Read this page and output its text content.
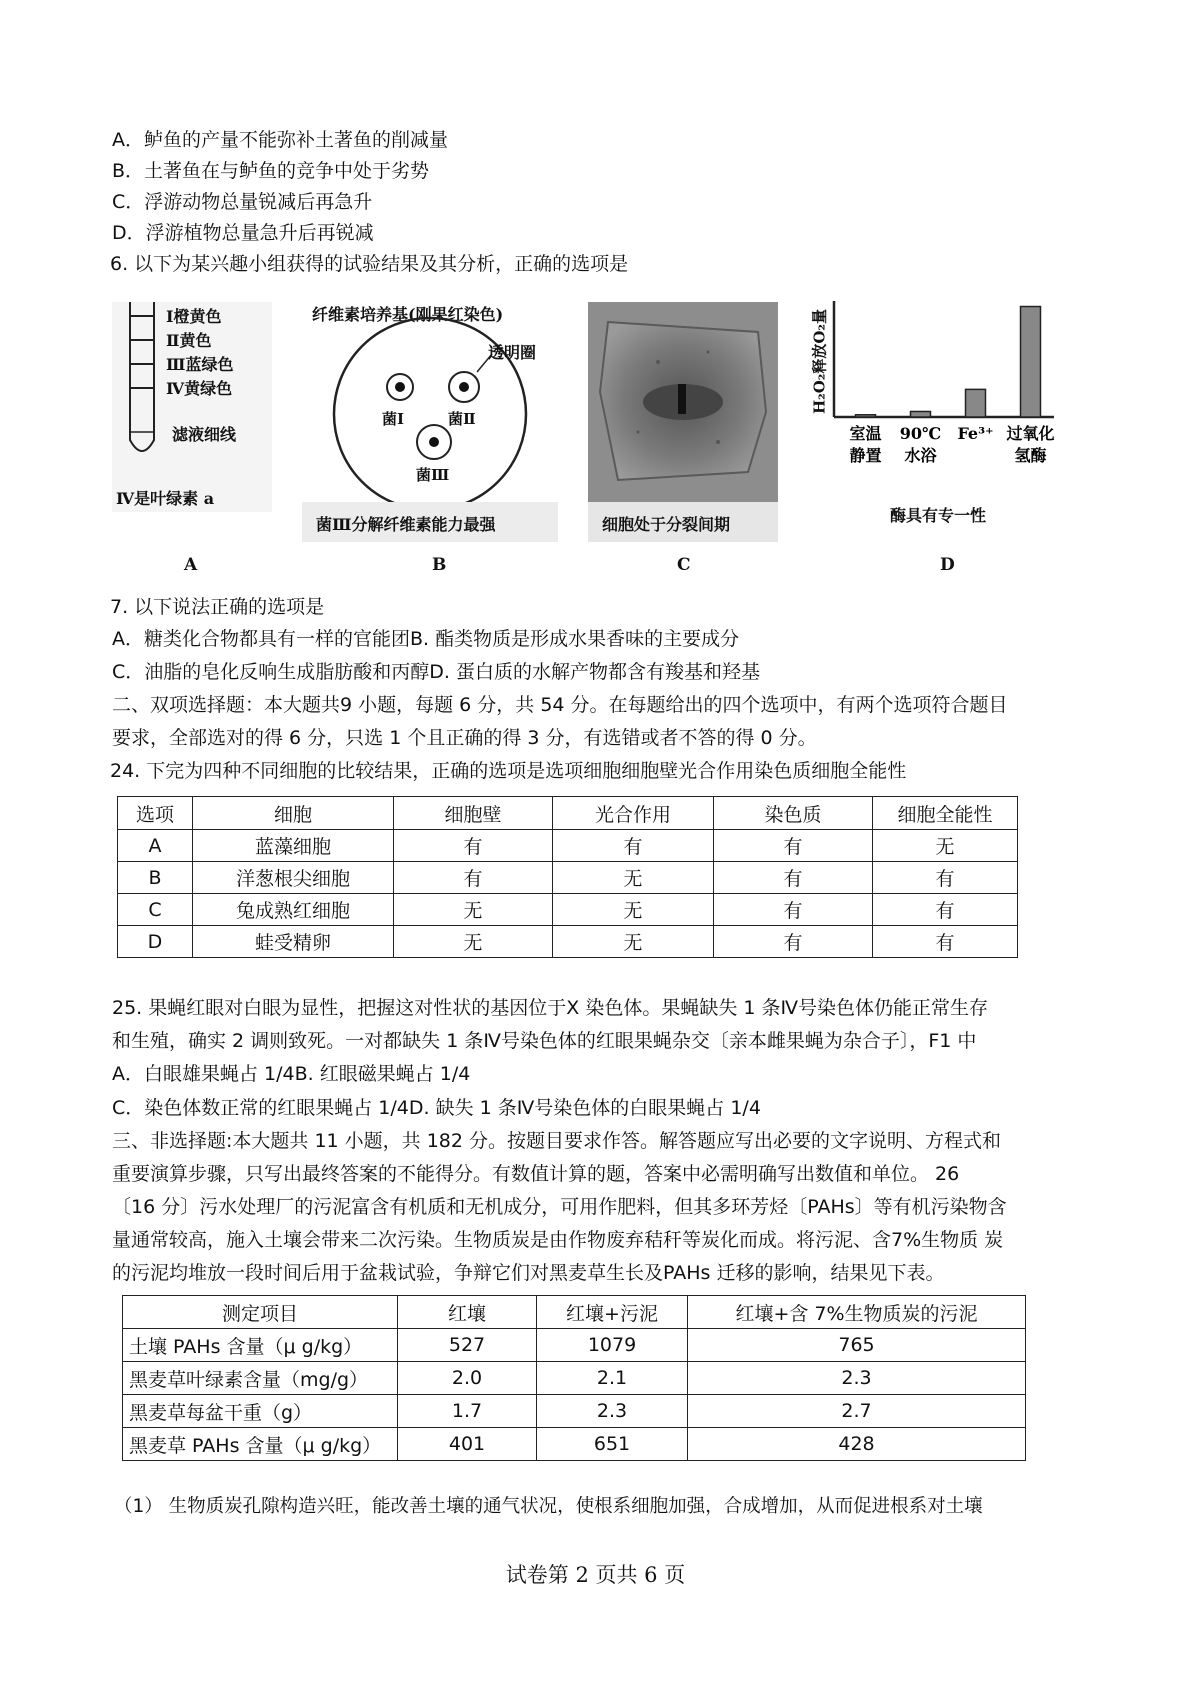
A．鲈鱼的产量不能弥补土著鱼的削减量
B．土著鱼在与鲈鱼的竞争中处于劣势
C．浮游动物总量锐减后再急升
D．浮游植物总量急升后再锐减
6. 以下为某兴趣小组获得的试验结果及其分析，正确的选项是
Ⅰ橙黄色
Ⅱ黄色
Ⅲ蓝绿色
Ⅳ黄绿色
滤液细线
Ⅳ是叶绿素 a
A
纤维素培养基(刚果红染色)
透明圈
菌Ⅰ	菌Ⅱ
菌Ⅲ
菌Ⅲ分解纤维素能力最强
B
细胞处于分裂间期
C
室温
静置
90℃
水浴
Fe³⁺ 过氧化
氢酶
H₂O₂释放O₂量
酶具有专一性
D
7. 以下说法正确的选项是
A．糖类化合物都具有一样的官能团B. 酯类物质是形成水果香味的主要成分
C．油脂的皂化反响生成脂肪酸和丙醇D. 蛋白质的水解产物都含有羧基和羟基
二、双项选择题：本大题共9 小题，每题 6 分，共 54 分。在每题给出的四个选项中，有两个选项符合题目
要求，全部选对的得 6 分，只选 1 个且正确的得 3 分，有选错或者不答的得 0 分。
24. 下完为四种不同细胞的比较结果，正确的选项是选项细胞细胞壁光合作用染色质细胞全能性
选项	细胞	细胞壁	光合作用	染色质	细胞全能性
A	蓝藻细胞	有	有	有	无
B	洋葱根尖细胞	有	无	有	有
C	兔成熟红细胞	无	无	有	有
D	蛙受精卵	无	无	有	有
25. 果蝇红眼对白眼为显性，把握这对性状的基因位于X 染色体。果蝇缺失 1 条Ⅳ号染色体仍能正常生存
和生殖，确实 2 调则致死。一对都缺失 1 条Ⅳ号染色体的红眼果蝇杂交〔亲本雌果蝇为杂合子〕，F1 中
A．白眼雄果蝇占 1/4B. 红眼磁果蝇占 1/4
C．染色体数正常的红眼果蝇占 1/4D. 缺失 1 条Ⅳ号染色体的白眼果蝇占 1/4
三、非选择题:本大题共 11 小题，共 182 分。按题目要求作答。解答题应写出必要的文字说明、方程式和
重要演算步骤，只写出最终答案的不能得分。有数值计算的题，答案中必需明确写出数值和单位。 26
〔16 分〕污水处理厂的污泥富含有机质和无机成分，可用作肥料，但其多环芳烃〔PAHs〕等有机污染物含
量通常较高，施入土壤会带来二次污染。生物质炭是由作物废弃秸秆等炭化而成。将污泥、含7%生物质 炭
的污泥均堆放一段时间后用于盆栽试验，争辩它们对黑麦草生长及PAHs 迁移的影响，结果见下表。
测定项目	红壤	红壤+污泥	红壤+含 7%生物质炭的污泥
土壤 PAHs 含量（μ g/kg）	527	1079	765
黑麦草叶绿素含量（mg/g）	2.0	2.1	2.3
黑麦草每盆干重（g）	1.7	2.3	2.7
黑麦草 PAHs 含量（μ g/kg）	401	651	428
（1） 生物质炭孔隙构造兴旺，能改善土壤的通气状况，使根系细胞加强，合成增加，从而促进根系对土壤
试卷第 2 页共 6 页
